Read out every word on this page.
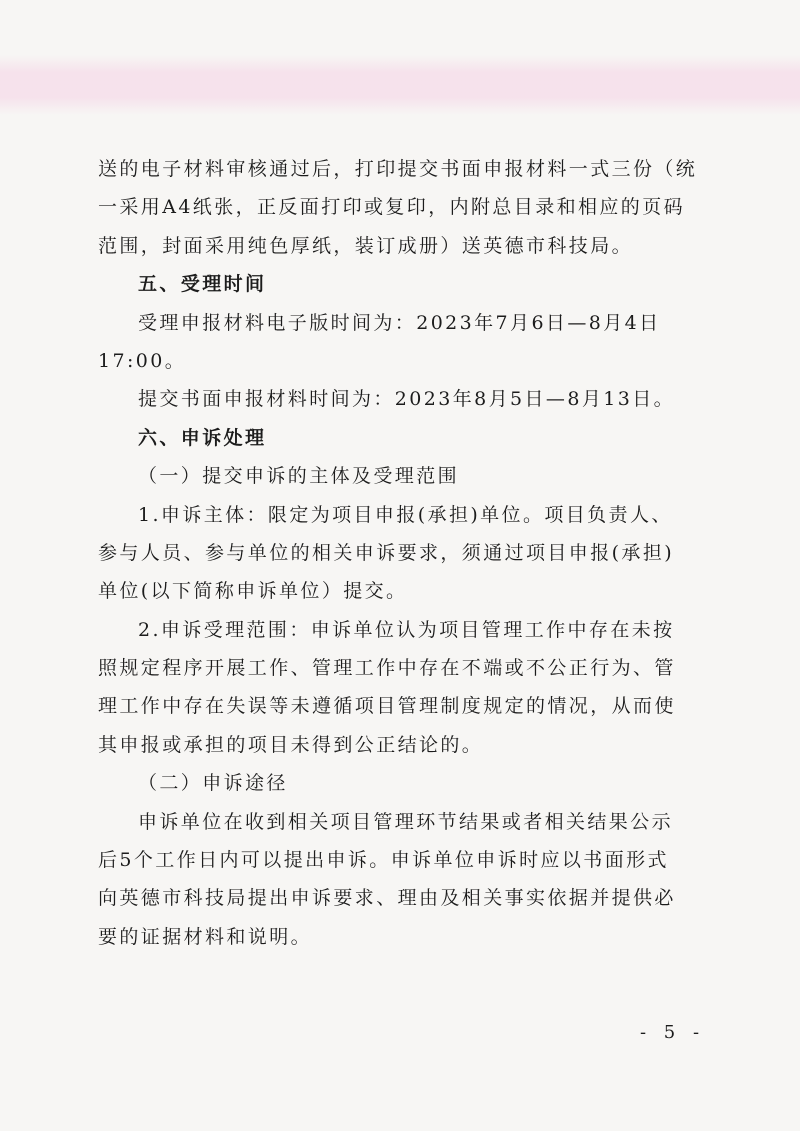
送的电子材料审核通过后，打印提交书面申报材料一式三份（统

一采用A4纸张，正反面打印或复印，内附总目录和相应的页码

范围，封面采用纯色厚纸，装订成册）送英德市科技局。

五、受理时间

受理申报材料电子版时间为：2023年7月6日—8月4日

17:00。

提交书面申报材料时间为：2023年8月5日—8月13日。

六、申诉处理

（一）提交申诉的主体及受理范围

1.申诉主体：限定为项目申报(承担)单位。项目负责人、

参与人员、参与单位的相关申诉要求，须通过项目申报(承担)

单位(以下简称申诉单位）提交。

2.申诉受理范围：申诉单位认为项目管理工作中存在未按

照规定程序开展工作、管理工作中存在不端或不公正行为、管

理工作中存在失误等未遵循项目管理制度规定的情况，从而使

其申报或承担的项目未得到公正结论的。

（二）申诉途径

申诉单位在收到相关项目管理环节结果或者相关结果公示

后5个工作日内可以提出申诉。申诉单位申诉时应以书面形式

向英德市科技局提出申诉要求、理由及相关事实依据并提供必

要的证据材料和说明。

- 5 -
